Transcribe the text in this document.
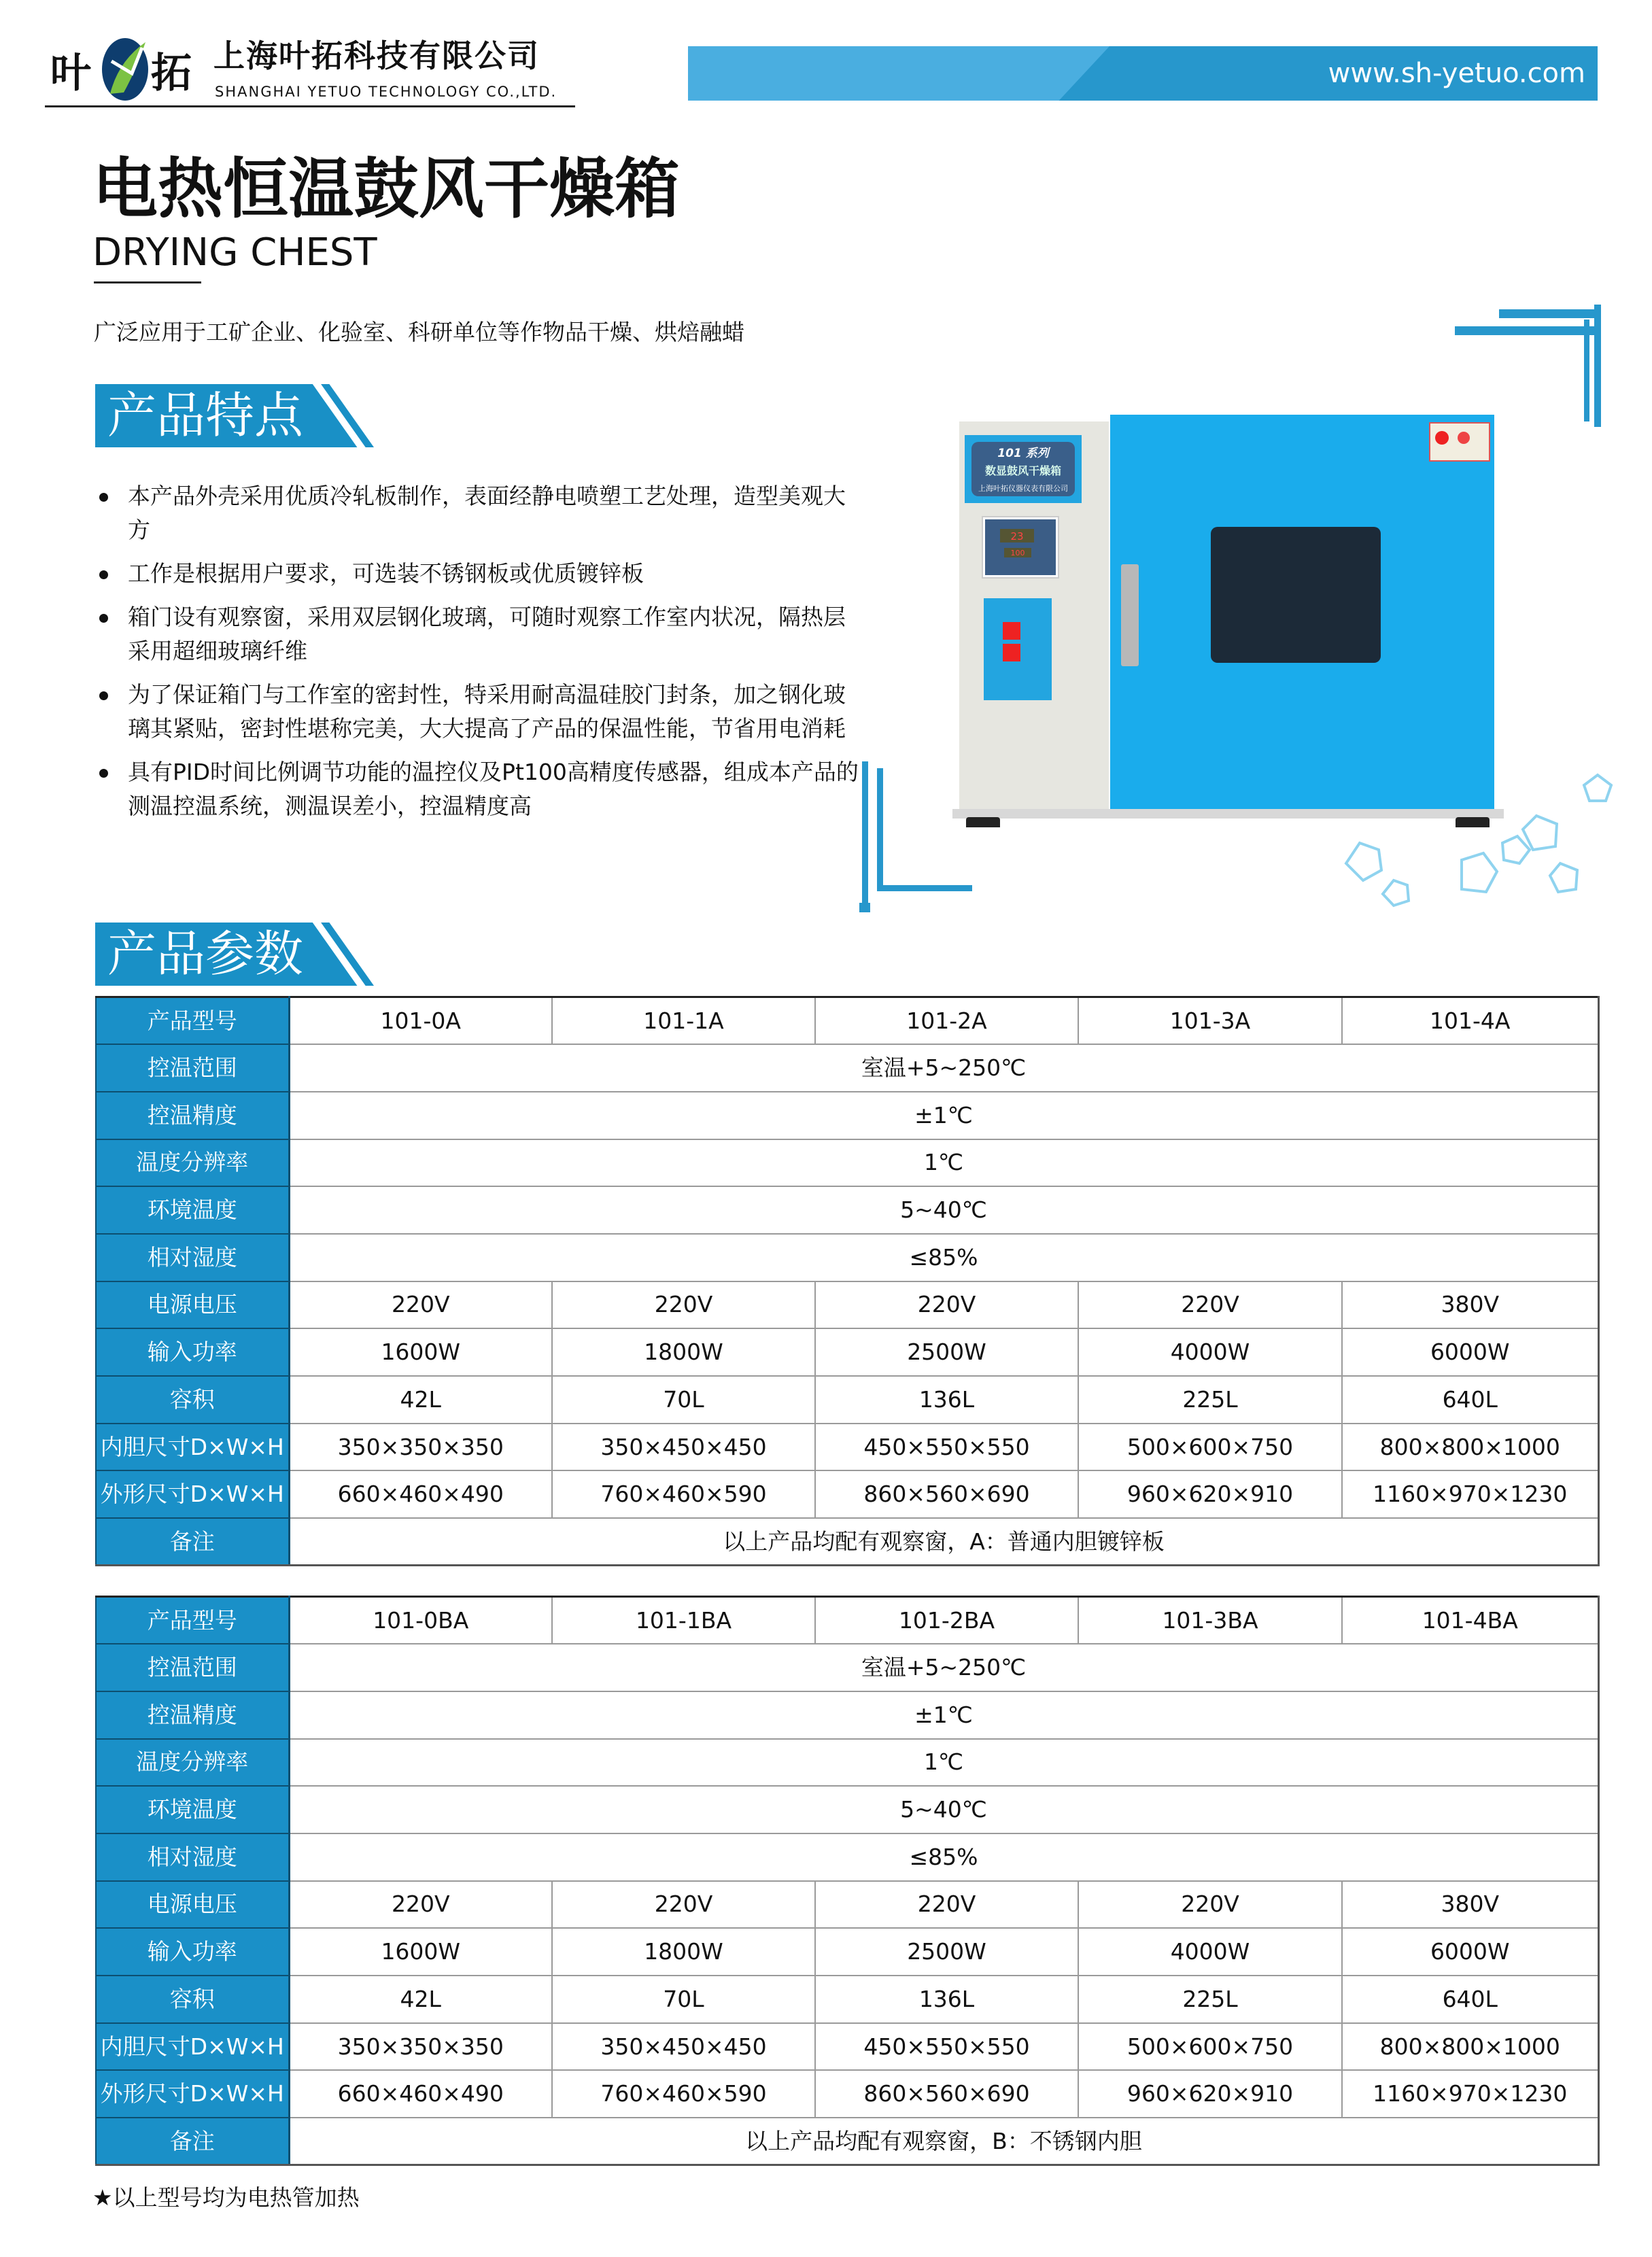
叶 拓 上海叶拓科技有限公司
SHANGHAI YETUO TECHNOLOGY CO.,LTD.
www.sh-yetuo.com
电热恒温鼓风干燥箱
DRYING CHEST
广泛应用于工矿企业、化验室、科研单位等作物品干燥、烘焙融蜡
产品特点
本产品外壳采用优质冷轧板制作，表面经静电喷塑工艺处理，造型美观大方
工作是根据用户要求，可选装不锈钢板或优质镀锌板
箱门设有观察窗，采用双层钢化玻璃，可随时观察工作室内状况，隔热层采用超细玻璃纤维
为了保证箱门与工作室的密封性，特采用耐高温硅胶门封条，加之钢化玻璃其紧贴，密封性堪称完美，大大提高了产品的保温性能，节省用电消耗
具有PID时间比例调节功能的温控仪及Pt100高精度传感器，组成本产品的测温控温系统，测温误差小，控温精度高
101 系列
数显鼓风干燥箱
上海叶拓仪器仪表有限公司
23
100
产品参数
产品型号	101-0A	101-1A	101-2A	101-3A	101-4A
控温范围	室温+5~250℃				
控温精度	±1℃				
温度分辨率	1℃				
环境温度	5~40℃				
相对湿度	≤85%				
电源电压	220V	220V	220V	220V	380V
输入功率	1600W	1800W	2500W	4000W	6000W
容积	42L	70L	136L	225L	640L
内胆尺寸D×W×H	350×350×350	350×450×450	450×550×550	500×600×750	800×800×1000
外形尺寸D×W×H	660×460×490	760×460×590	860×560×690	960×620×910	1160×970×1230
备注	以上产品均配有观察窗，A：普通内胆镀锌板				
产品型号	101-0BA	101-1BA	101-2BA	101-3BA	101-4BA
控温范围	室温+5~250℃				
控温精度	±1℃				
温度分辨率	1℃				
环境温度	5~40℃				
相对湿度	≤85%				
电源电压	220V	220V	220V	220V	380V
输入功率	1600W	1800W	2500W	4000W	6000W
容积	42L	70L	136L	225L	640L
内胆尺寸D×W×H	350×350×350	350×450×450	450×550×550	500×600×750	800×800×1000
外形尺寸D×W×H	660×460×490	760×460×590	860×560×690	960×620×910	1160×970×1230
备注	以上产品均配有观察窗，B：不锈钢内胆				
★以上型号均为电热管加热
